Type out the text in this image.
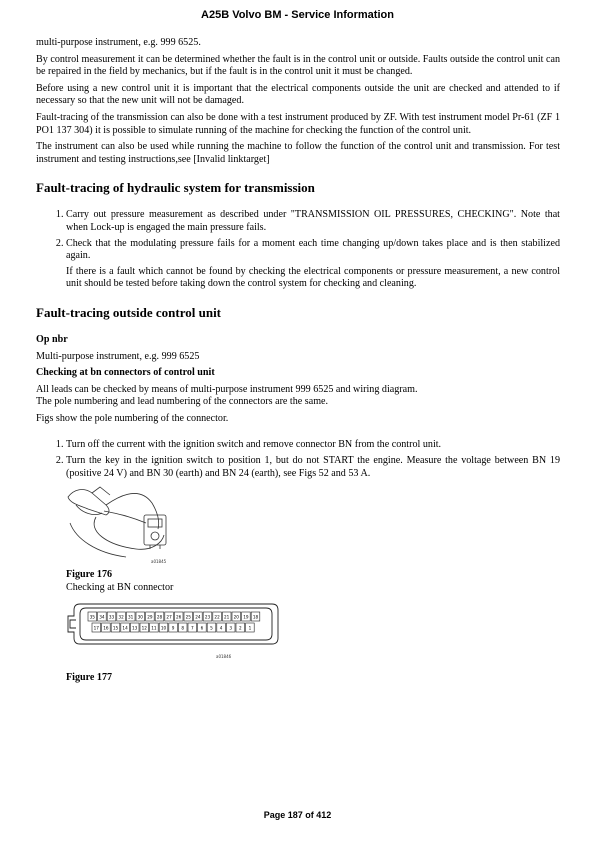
A25B Volvo BM - Service Information

multi-purpose instrument, e.g. 999 6525.

By control measurement it can be determined whether the fault is in the control unit or outside. Faults outside the control unit can be repaired in the field by mechanics, but if the fault is in the control unit it must be changed.

Before using a new control unit it is important that the electrical components outside the unit are checked and attended to if necessary so that the new unit will not be damaged.

Fault-tracing of the transmission can also be done with a test instrument produced by ZF. With test instrument model Pr-61 (ZF 1 PO1 137 304) it is possible to simulate running of the machine for checking the function of the control unit.

The instrument can also be used while running the machine to follow the function of the control unit and transmission. For test instrument and testing instructions,see [Invalid linktarget]

Fault-tracing of hydraulic system for transmission
1. Carry out pressure measurement as described under "TRANSMISSION OIL PRESSURES, CHECKING". Note that when Lock-up is engaged the main pressure fails.
2. Check that the modulating pressure fails for a moment each time changing up/down takes place and is then stabilized again.

If there is a fault which cannot be found by checking the electrical components or pressure measurement, a new control unit should be tested before taking down the control system for checking and cleaning.

Fault-tracing outside control unit
Op nbr

Multi-purpose instrument, e.g. 999 6525

Checking at bn connectors of control unit

All leads can be checked by means of multi-purpose instrument 999 6525 and wiring diagram.

The pole numbering and lead numbering of the connectors are the same.

Figs show the pole numbering of the connector.

1. Turn off the current with the ignition switch and remove connector BN from the control unit.
2. Turn the key in the ignition switch to position 1, but do not START the engine. Measure the voltage between BN 19 (positive 24 V) and BN 30 (earth) and BN 24 (earth), see Figs 52 and 53 A.
a01845
Figure 176
Checking at BN connector
35 34 33 32 31 30 29 28 27 26 25 24 23 22 21 20 19 18
17 16 15 14 13 12 11 10 9 8 7 6 5 4 3 2 1
a01846
Figure 177
Page 187 of 412
